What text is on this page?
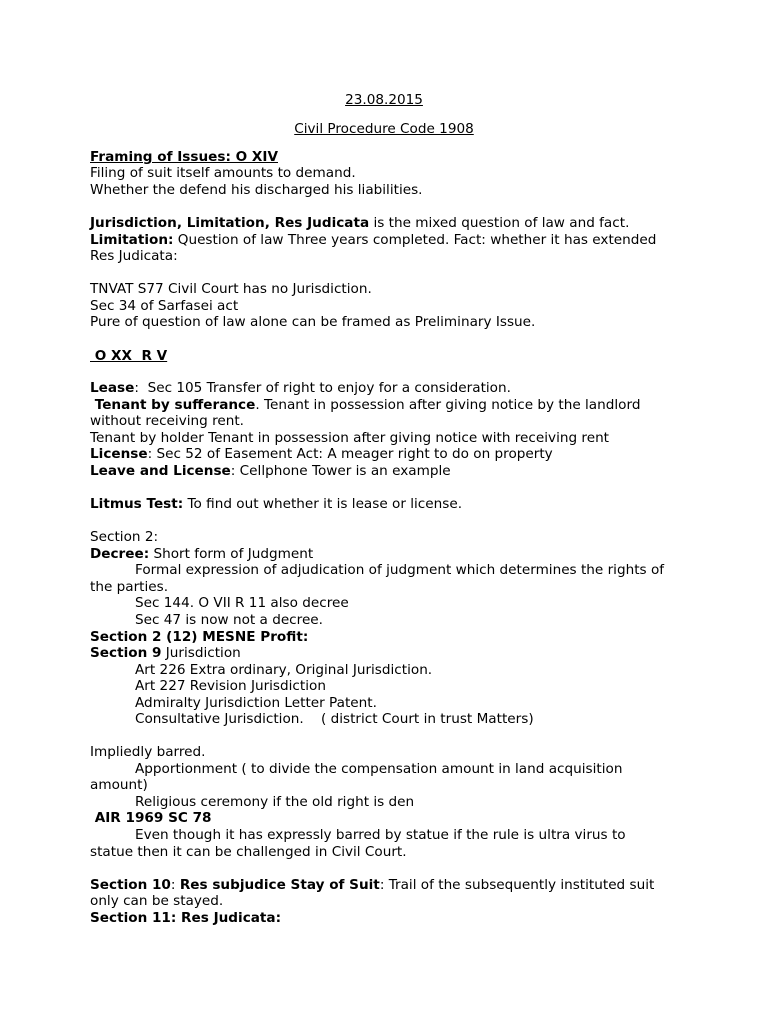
23.08.2015
Civil Procedure Code 1908
Framing of Issues: O XIV
Filing of suit itself amounts to demand.
Whether the defend his discharged his liabilities.
Jurisdiction, Limitation, Res Judicata is the mixed question of law and fact.
Limitation: Question of law Three years completed. Fact: whether it has extended
Res Judicata:
TNVAT S77 Civil Court has no Jurisdiction.
Sec 34 of Sarfasei act
Pure of question of law alone can be framed as Preliminary Issue.
O XX  R V
Lease:  Sec 105 Transfer of right to enjoy for a consideration.
Tenant by sufferance. Tenant in possession after giving notice by the landlord
without receiving rent.
Tenant by holder Tenant in possession after giving notice with receiving rent
License: Sec 52 of Easement Act: A meager right to do on property
Leave and License: Cellphone Tower is an example
Litmus Test: To find out whether it is lease or license.
Section 2:
Decree: Short form of Judgment
Formal expression of adjudication of judgment which determines the rights of
the parties.
Sec 144. O VII R 11 also decree
Sec 47 is now not a decree.
Section 2 (12) MESNE Profit:
Section 9 Jurisdiction
Art 226 Extra ordinary, Original Jurisdiction.
Art 227 Revision Jurisdiction
Admiralty Jurisdiction Letter Patent.
Consultative Jurisdiction.    ( district Court in trust Matters)
Impliedly barred.
Apportionment ( to divide the compensation amount in land acquisition
amount)
Religious ceremony if the old right is den
AIR 1969 SC 78
Even though it has expressly barred by statue if the rule is ultra virus to
statue then it can be challenged in Civil Court.
Section 10: Res subjudice Stay of Suit: Trail of the subsequently instituted suit
only can be stayed.
Section 11: Res Judicata:
